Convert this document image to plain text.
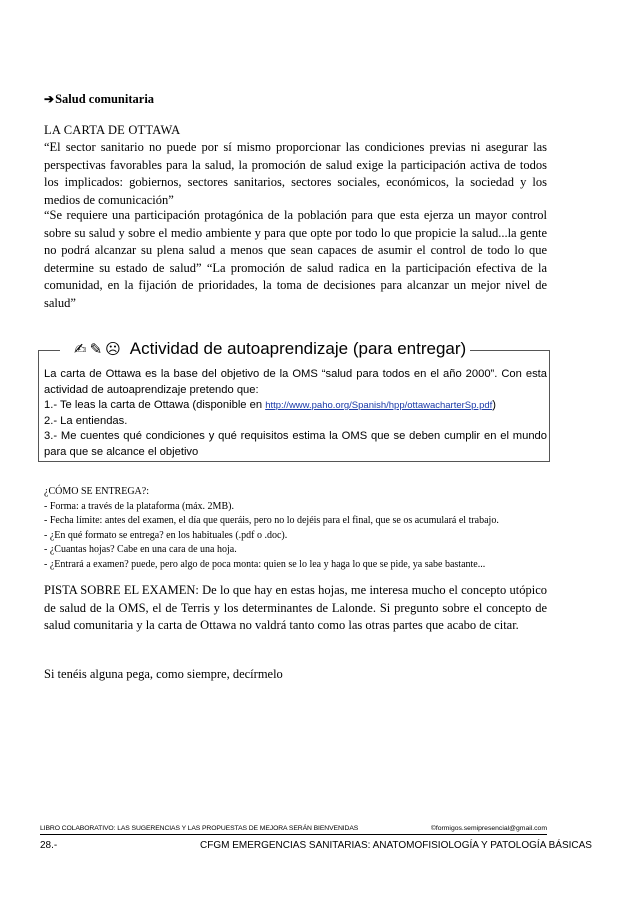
➔Salud comunitaria
LA CARTA DE OTTAWA
“El sector sanitario no puede por sí mismo proporcionar las condiciones previas ni asegurar las perspectivas favorables para la salud, la promoción de salud exige la participación activa de todos los implicados: gobiernos, sectores sanitarios, sectores sociales, económicos, la sociedad y los medios de comunicación”
“Se requiere una participación protagónica de la población para que esta ejerza un mayor control sobre su salud y sobre el medio ambiente y para que opte por todo lo que propicie la salud...la gente no podrá alcanzar su plena salud a menos que sean capaces de asumir el control de todo lo que determine su estado de salud” “La promoción de salud radica en la participación efectiva de la comunidad, en la fijación de prioridades, la toma de decisiones para alcanzar un mejor nivel de salud”
✍✎☹ Actividad de autoaprendizaje (para entregar)
La carta de Ottawa es la base del objetivo de la OMS “salud para todos en el año 2000”. Con esta actividad de autoaprendizaje pretendo que:
1.- Te leas la carta de Ottawa (disponible en http://www.paho.org/Spanish/hpp/ottawacharterSp.pdf)
2.- La entiendas.
3.- Me cuentes qué condiciones y qué requisitos estima la OMS que se deben cumplir en el mundo para que se alcance el objetivo
¿CÓMO SE ENTREGA?:
- Forma: a través de la plataforma (máx. 2MB).
- Fecha límite: antes del examen, el día que queráis, pero no lo dejéis para el final, que se os acumulará el trabajo.
- ¿En qué formato se entrega? en los habituales (.pdf o .doc).
- ¿Cuantas hojas? Cabe en una cara de una hoja.
- ¿Entrará a examen? puede, pero algo de poca monta: quien se lo lea y haga lo que se pide, ya sabe bastante...
PISTA SOBRE EL EXAMEN: De lo que hay en estas hojas, me interesa mucho el concepto utópico de salud de la OMS, el de Terris y los determinantes de Lalonde. Si pregunto sobre el concepto de salud comunitaria y la carta de Ottawa no valdrá tanto como las otras partes que acabo de citar.
Si tenéis alguna pega, como siempre, decírmelo
LIBRO COLABORATIVO: LAS SUGERENCIAS Y LAS PROPUESTAS DE MEJORA SERÁN BIENVENIDAS	©formigos.semipresencial@gmail.com
28.-	CFGM EMERGENCIAS SANITARIAS: ANATOMOFISIOLOGÍA Y PATOLOGÍA BÁSICAS
